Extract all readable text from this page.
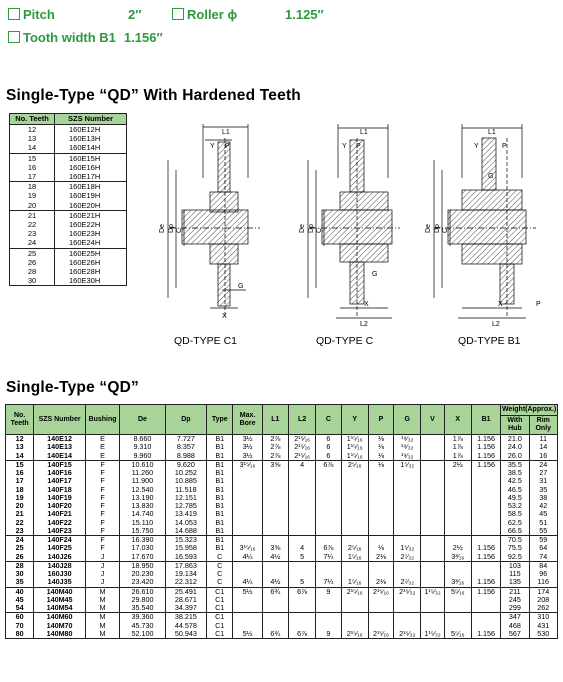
Pitch	2″	Roller ϕ	1.125″
Tooth width B1 1.156″
Single-Type “QD” With Hardened Teeth
No. Teeth	SZS Number
12	160E12H
13	160E13H
14	160E14H
15	160E15H
16	160E16H
17	160E17H
18	160E18H
19	160E19H
20	160E20H
21	160E21H
22	160E22H
23	160E23H
24	160E24H
25	160E25H
26	160E26H
28	160E28H
30	160E30H
L1
Y P
G
X
De Dp C
L1
Y P
G
X
L2
De Dp C
L1
Y	P
G
X
L2
P
De Dp C
QD-TYPE C1	QD-TYPE C	QD-TYPE B1
Single-Type “QD”
No. Teeth	SZS Number	Bushing	De	Dp	Type	Max. Bore	L1	L2	C	Y	P	G	V	X	B1	Weight(Approx.)	
																With Hub	Rim Only
12	140E12	E	8.660	7.727	B1	3½	2⅞	2¹⁵⁄₁₆	6	1¹⁵⁄₁₆	⅛	¹⁹⁄₃₂		1⅞	1.156	21.0	11
13	140E13	E	9.310	8.357	B1	3½	2⅞	2¹⁵⁄₁₆	6	1¹⁵⁄₁₆	⅛	¹⁹⁄₃₂		1⅞	1.156	24.0	14
14	140E14	E	9.960	8.988	B1	3½	2⅞	2¹⁵⁄₁₆	6	1¹⁵⁄₁₆	⅛	¹⁹⁄₃₂		1⅞	1.156	26.0	16
15	140F15	F	10.610	9.620	B1	3¹⁵⁄₁₆	3⅝	4	6⅞	2⁵⁄₁₆	⅛	1⁵⁄₃₂		2½	1.156	35.5	24
16	140F16	F	11.260	10.252	B1											38.5	27
17	140F17	F	11.900	10.885	B1											42.5	31
18	140F18	F	12.540	11.518	B1											46.5	35
19	140F19	F	13.190	12.151	B1											49.5	38
20	140F20	F	13.830	12.785	B1											53.2	42
21	140F21	F	14.740	13.419	B1											58.5	45
22	140F22	F	15.110	14.053	B1											62.5	51
23	140F23	F	15.750	14.688	B1											66.5	55
24	140F24	F	16.390	15.323	B1											70.5	59
25	140F25	F	17.030	15.958	B1	3¹⁵⁄₁₆	3⅝	4	6⅞	2⁵⁄₁₆	⅛	1⁵⁄₃₂		2½	1.156	75.5	64
26	140J26	J	17.670	16.593	C	4¼	4½	5	7¼	1⁵⁄₁₆	2⅛	2⁷⁄₃₂		3³⁄₁₆	1.156	92.5	74
28	140J28	J	18.950	17.863	C											103	84
30	160J30	J	20.230	19.134	C											115	96
35	140J35	J	23.420	22.312	C	4¼	4½	5	7¼	1⁵⁄₁₆	2⅛	2⁷⁄₃₂		3³⁄₁₆	1.156	135	116
40	140M40	M	26.610	25.491	C1	5½	6¾	6⅞	9	2¹⁵⁄₁₆	2¹⁵⁄₁₆	2¹⁵⁄₃₂	1¹⁵⁄₃₂	5⁵⁄₁₆	1.156	211	174
45	140M45	M	29.800	28.671	C1											245	208
54	140M54	M	35.540	34.397	C1											299	262
60	140M60	M	39.360	38.215	C1											347	310
70	140M70	M	45.730	44.578	C1											468	431
80	140M80	M	52.100	50.943	C1	5½	6¾	6⅞	9	2¹⁵⁄₁₆	2¹⁵⁄₁₆	2¹⁵⁄₃₂	1¹⁵⁄₃₂	5⁵⁄₁₆	1.156	567	530
